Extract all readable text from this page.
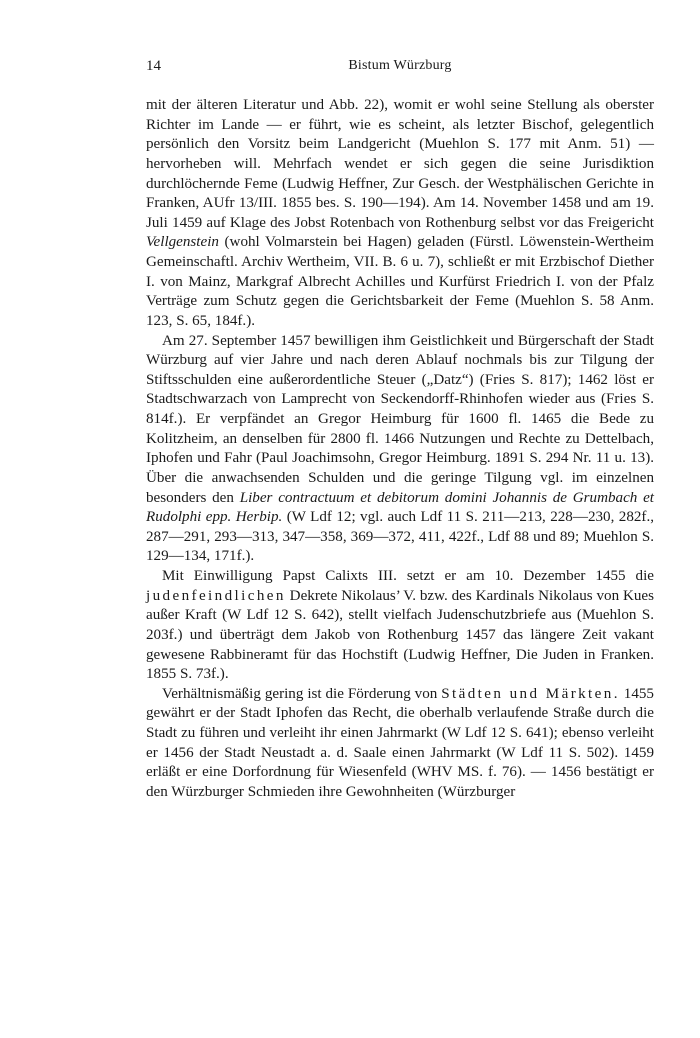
14	Bistum Würzburg

mit der älteren Literatur und Abb. 22), womit er wohl seine Stellung als oberster Richter im Lande — er führt, wie es scheint, als letzter Bischof, gelegentlich persönlich den Vorsitz beim Landgericht (Muehlon S. 177 mit Anm. 51) — hervorheben will. Mehrfach wendet er sich gegen die seine Jurisdiktion durchlöchernde Feme (Ludwig Heffner, Zur Gesch. der Westphälischen Gerichte in Franken, AUfr 13/III. 1855 bes. S. 190—194). Am 14. November 1458 und am 19. Juli 1459 auf Klage des Jobst Rotenbach von Rothenburg selbst vor das Freigericht Vellgenstein (wohl Volmarstein bei Hagen) geladen (Fürstl. Löwenstein-Wertheim Gemeinschaftl. Archiv Wertheim, VII. B. 6 u. 7), schließt er mit Erzbischof Diether I. von Mainz, Markgraf Albrecht Achilles und Kurfürst Friedrich I. von der Pfalz Verträge zum Schutz gegen die Gerichtsbarkeit der Feme (Muehlon S. 58 Anm. 123, S. 65, 184f.).

Am 27. September 1457 bewilligen ihm Geistlichkeit und Bürgerschaft der Stadt Würzburg auf vier Jahre und nach deren Ablauf nochmals bis zur Tilgung der Stiftsschulden eine außerordentliche Steuer („Datz“) (Fries S. 817); 1462 löst er Stadtschwarzach von Lamprecht von Seckendorff-Rhinhofen wieder aus (Fries S. 814f.). Er verpfändet an Gregor Heimburg für 1600 fl. 1465 die Bede zu Kolitzheim, an denselben für 2800 fl. 1466 Nutzungen und Rechte zu Dettelbach, Iphofen und Fahr (Paul Joachimsohn, Gregor Heimburg. 1891 S. 294 Nr. 11 u. 13). Über die anwachsenden Schulden und die geringe Tilgung vgl. im einzelnen besonders den Liber contractuum et debitorum domini Johannis de Grumbach et Rudolphi epp. Herbip. (W Ldf 12; vgl. auch Ldf 11 S. 211—213, 228—230, 282f., 287—291, 293—313, 347—358, 369—372, 411, 422f., Ldf 88 und 89; Muehlon S. 129—134, 171f.).

Mit Einwilligung Papst Calixts III. setzt er am 10. Dezember 1455 die judenfeindlichen Dekrete Nikolaus’ V. bzw. des Kardinals Nikolaus von Kues außer Kraft (W Ldf 12 S. 642), stellt vielfach Judenschutzbriefe aus (Muehlon S. 203f.) und überträgt dem Jakob von Rothenburg 1457 das längere Zeit vakant gewesene Rabbineramt für das Hochstift (Ludwig Heffner, Die Juden in Franken. 1855 S. 73f.).

Verhältnismäßig gering ist die Förderung von Städten und Märkten. 1455 gewährt er der Stadt Iphofen das Recht, die oberhalb verlaufende Straße durch die Stadt zu führen und verleiht ihr einen Jahrmarkt (W Ldf 12 S. 641); ebenso verleiht er 1456 der Stadt Neustadt a. d. Saale einen Jahrmarkt (W Ldf 11 S. 502). 1459 erläßt er eine Dorfordnung für Wiesenfeld (WHV MS. f. 76). — 1456 bestätigt er den Würzburger Schmieden ihre Gewohnheiten (Würzburger
